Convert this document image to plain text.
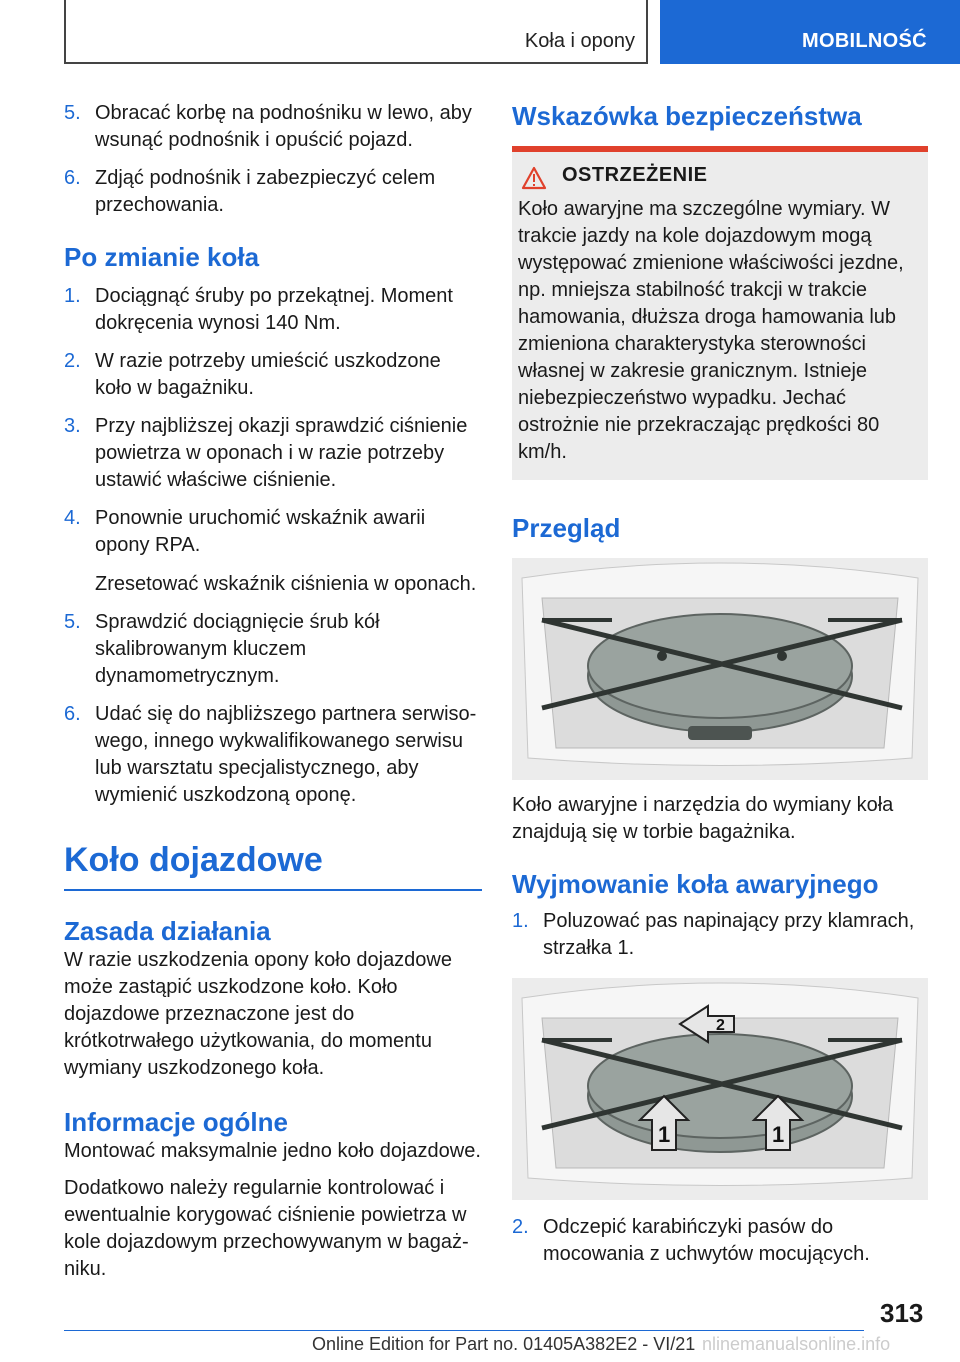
Koła i opony	MOBILNOŚĆ
5. Obracać korbę na podnośniku w lewo, aby wsunąć podnośnik i opuścić pojazd.
6. Zdjąć podnośnik i zabezpieczyć celem przechowania.
Po zmianie koła
1. Dociągnąć śruby po przekątnej. Moment dokręcenia wynosi 140 Nm.
2. W razie potrzeby umieścić uszkodzone koło w bagażniku.
3. Przy najbliższej okazji sprawdzić ciśnienie powietrza w oponach i w razie potrzeby ustawić właściwe ciśnienie.
4. Ponownie uruchomić wskaźnik awarii opony RPA.
Zresetować wskaźnik ciśnienia w oponach.
5. Sprawdzić dociągnięcie śrub kół skalibrowanym kluczem dynamometrycznym.
6. Udać się do najbliższego partnera serwisowego, innego wykwalifikowanego serwisu lub warsztatu specjalistycznego, aby wymienić uszkodzoną oponę.
Koło dojazdowe
Zasada działania

W razie uszkodzenia opony koło dojazdowe może zastąpić uszkodzone koło. Koło dojazdowe przeznaczone jest do krótkotrwałego użytkowania, do momentu wymiany uszkodzonego koła.

Informacje ogólne

Montować maksymalnie jedno koło dojazdowe.

Dodatkowo należy regularnie kontrolować i ewentualnie korygować ciśnienie powietrza w kole dojazdowym przechowywanym w bagażniku.

Wskazówka bezpieczeństwa
OSTRZEŻENIE
Koło awaryjne ma szczególne wymiary. W trakcie jazdy na kole dojazdowym mogą występować zmienione właściwości jezdne, np. mniejsza stabilność trakcji w trakcie hamowania, dłuższa droga hamowania lub zmieniona charakterystyka sterowności własnej w zakresie granicznym. Istnieje niebezpieczeństwo wypadku. Jechać ostrożnie nie przekraczając prędkości 80 km/h.
Przegląd

Koło awaryjne i narzędzia do wymiany koła znajdują się w torbie bagażnika.

Wyjmowanie koła awaryjnego
1. Poluzować pas napinający przy klamrach, strzałka 1.
2
1	1
2. Odczepić karabińczyki pasów do mocowania z uchwytów mocujących.
313
Online Edition for Part no. 01405A382E2 - VI/21 nlinemanualsonline.info
